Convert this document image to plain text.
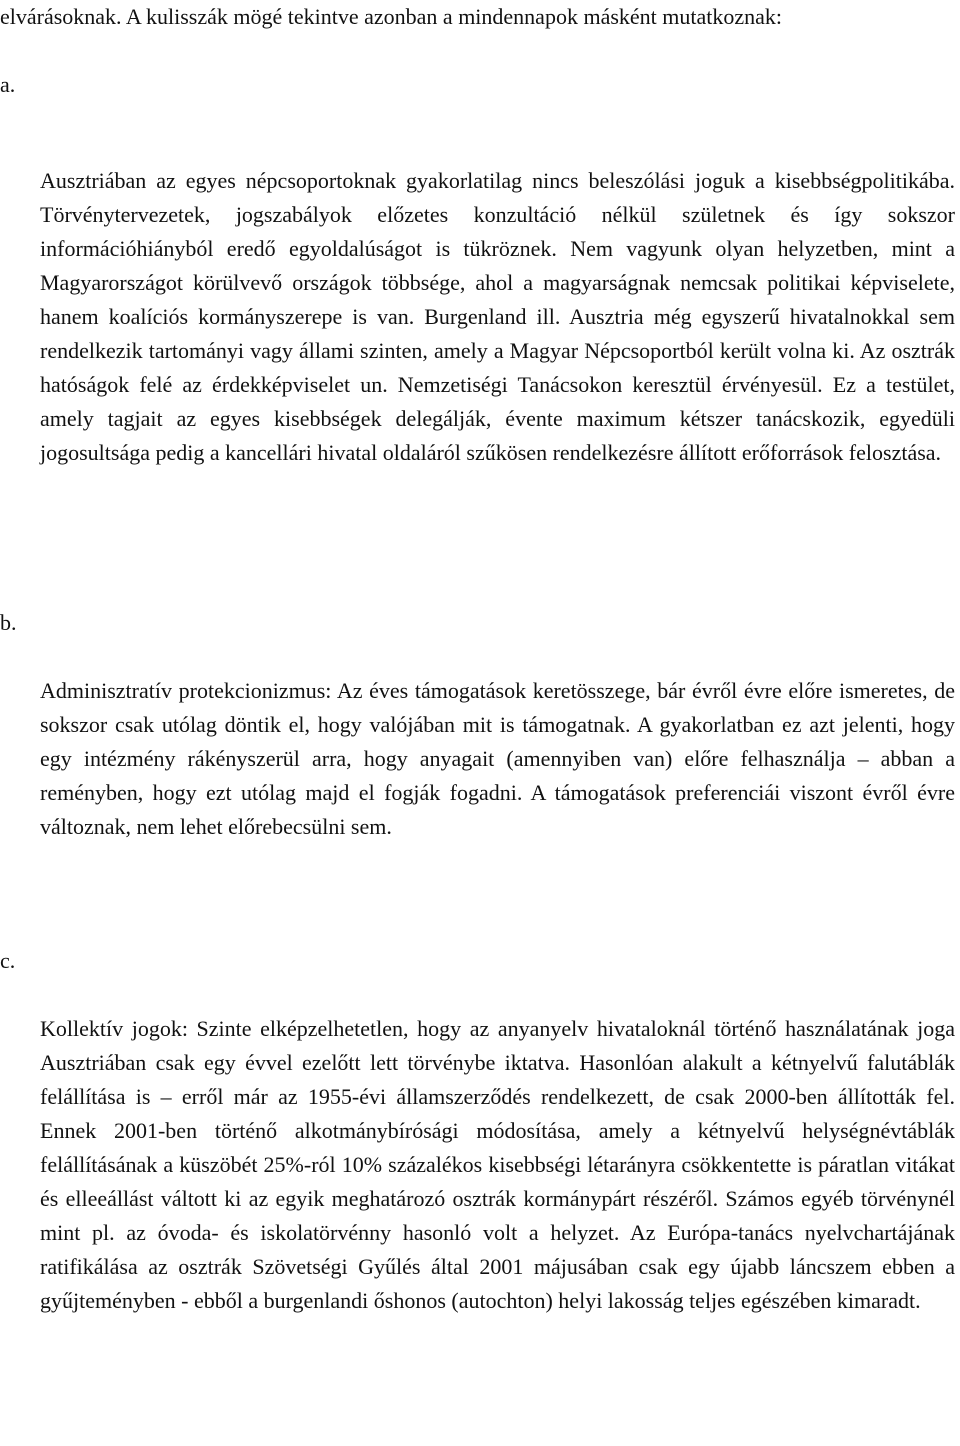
elvárásoknak. A kulisszák mögé tekintve azonban a mindennapok másként mutatkoznak:

a.

Ausztriában az egyes népcsoportoknak gyakorlatilag nincs beleszólási joguk a kisebbségpolitikába. Törvénytervezetek, jogszabályok előzetes konzultáció nélkül születnek és így sokszor információhiányból eredő egyoldalúságot is tükröznek. Nem vagyunk olyan helyzetben, mint a Magyarországot körülvevő országok többsége, ahol a magyarságnak nemcsak politikai képviselete, hanem koalíciós kormányszerepe is van. Burgenland ill. Ausztria még egyszerű hivatalnokkal sem rendelkezik tartományi vagy állami szinten, amely a Magyar Népcsoportból került volna ki. Az osztrák hatóságok felé az érdekképviselet un. Nemzetiségi Tanácsokon keresztül érvényesül. Ez a testület, amely tagjait az egyes kisebbségek delegálják, évente maximum kétszer tanácskozik, egyedüli jogosultsága pedig a kancellári hivatal oldaláról szűkösen rendelkezésre állított erőforrások felosztása.

b.

Adminisztratív protekcionizmus: Az éves támogatások keretösszege, bár évről évre előre ismeretes, de sokszor csak utólag döntik el, hogy valójában mit is támogatnak. A gyakorlatban ez azt jelenti, hogy egy intézmény rákényszerül arra, hogy anyagait (amennyiben van) előre felhasználja – abban a reményben, hogy ezt utólag majd el fogják fogadni. A támogatások preferenciái viszont évről évre változnak, nem lehet előrebecsülni sem.

c.

Kollektív jogok: Szinte elképzelhetetlen, hogy az anyanyelv hivataloknál történő használatának joga Ausztriában csak egy évvel ezelőtt lett törvénybe iktatva. Hasonlóan alakult a kétnyelvű falutáblák felállítása is – erről már az 1955-évi államszerződés rendelkezett, de csak 2000-ben állították fel. Ennek 2001-ben történő alkotmánybírósági módosítása, amely a kétnyelvű helységnévtáblák felállításának a küszöbét 25%-ról 10% százalékos kisebbségi létarányra csökkentette is páratlan vitákat és elleeállást váltott ki az egyik meghatározó osztrák kormánypárt részéről. Számos egyéb törvénynél mint pl. az óvoda- és iskolatörvénny hasonló volt a helyzet. Az Európa-tanács nyelvchartájának ratifikálása az osztrák Szövetségi Gyűlés által 2001 májusában csak egy újabb láncszem ebben a gyűjteményben - ebből a burgenlandi őshonos (autochton) helyi lakosság teljes egészében kimaradt.
